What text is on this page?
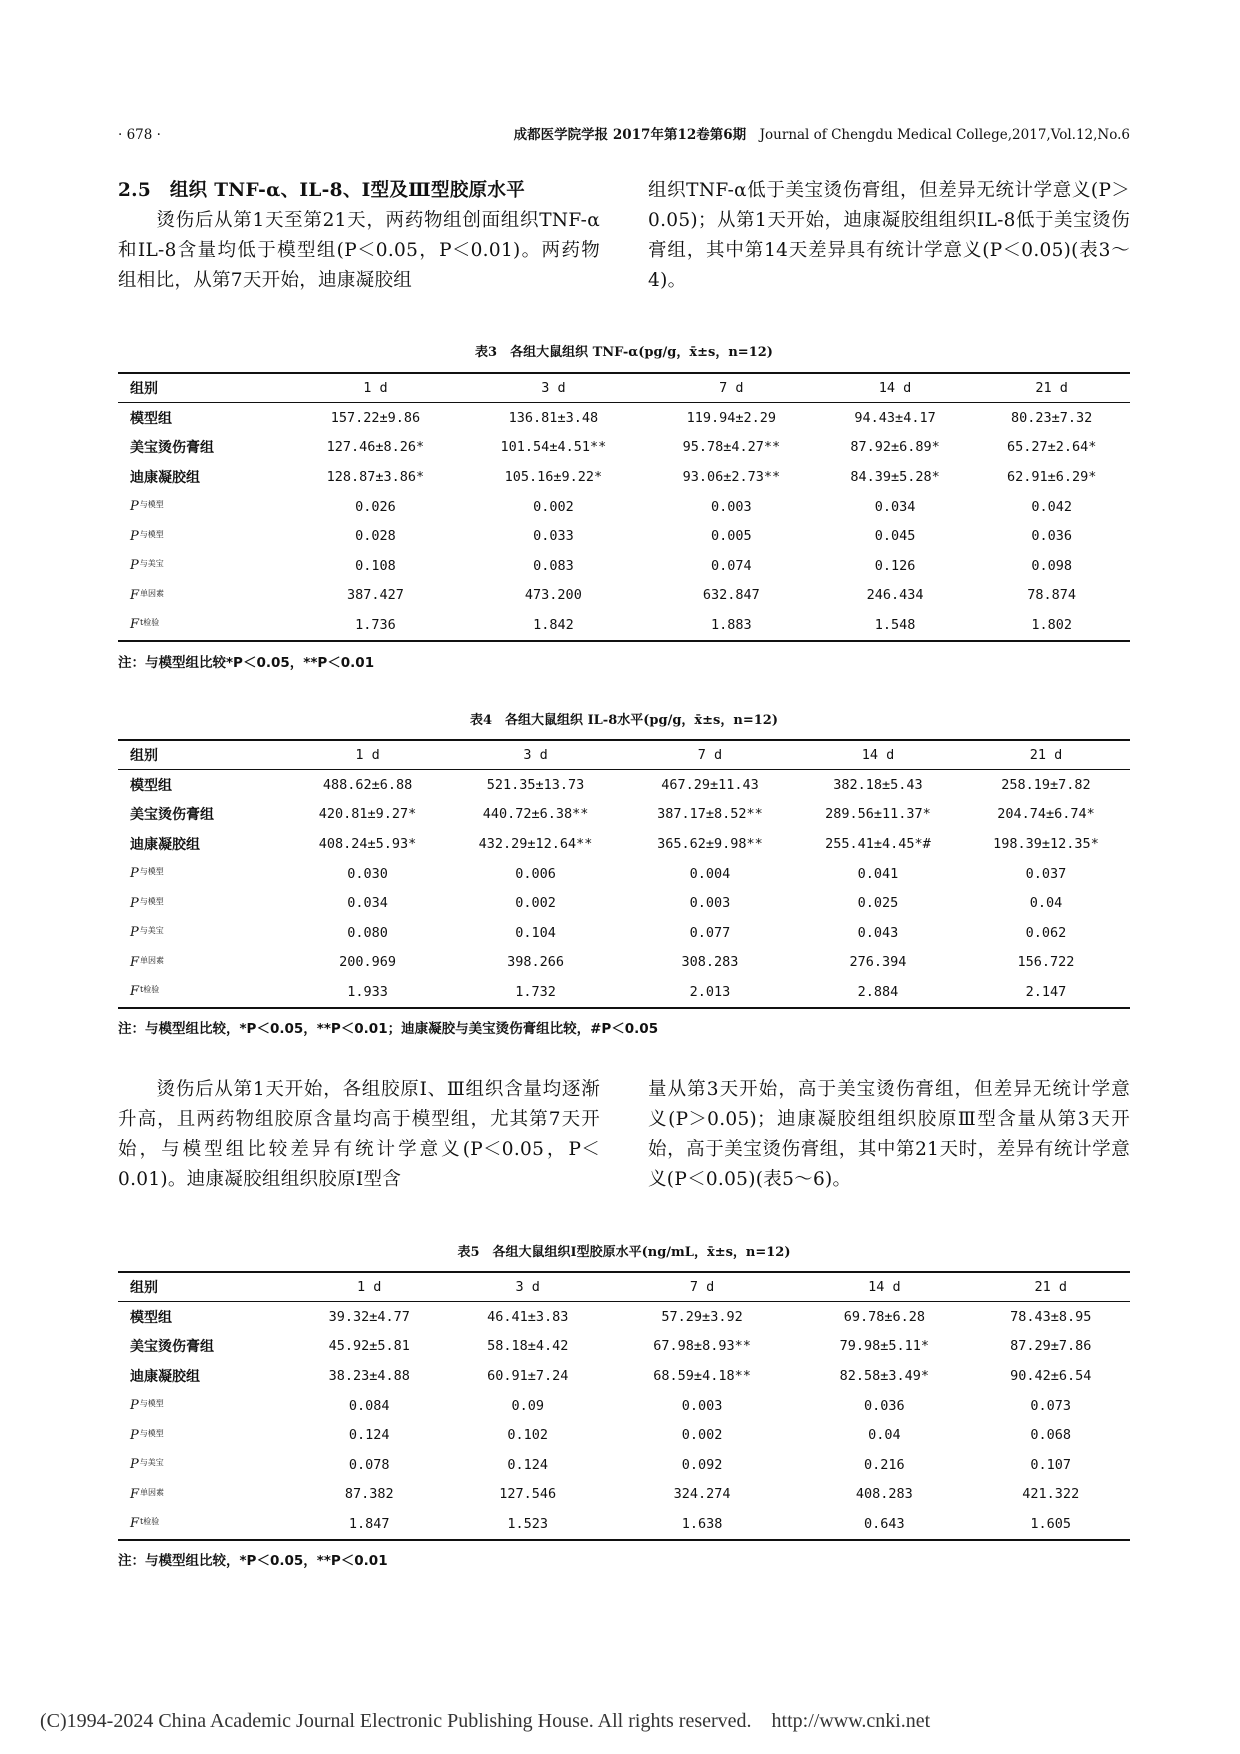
· 678 ·	成都医学院学报 2017年第12卷第6期　 Journal of Chengdu Medical College,2017,Vol.12,No.6
2.5　组织 TNF-α、IL-8、Ⅰ型及Ⅲ型胶原水平
烫伤后从第1天至第21天，两药物组创面组织TNF-α和IL-8含量均低于模型组(P＜0.05，P＜0.01)。两药物组相比，从第7天开始，迪康凝胶组
组织TNF-α低于美宝烫伤膏组，但差异无统计学意义(P＞0.05)；从第1天开始，迪康凝胶组组织IL-8低于美宝烫伤膏组，其中第14天差异具有统计学意义(P＜0.05)(表3～4)。
表3　各组大鼠组织 TNF-α(pg/g，x̄±s，n=12)
组别	1 d	3 d	7 d	14 d	21 d
模型组	157.22±9.86	136.81±3.48	119.94±2.29	94.43±4.17	80.23±7.32
美宝烫伤膏组	127.46±8.26*	101.54±4.51**	95.78±4.27**	87.92±6.89*	65.27±2.64*
迪康凝胶组	128.87±3.86*	105.16±9.22*	93.06±2.73**	84.39±5.28*	62.91±6.29*
$P_{与模型}$	0.026	0.002	0.003	0.034	0.042
$P_{与模型}$	0.028	0.033	0.005	0.045	0.036
$P_{与美宝}$	0.108	0.083	0.074	0.126	0.098
$F_{单因素}$	387.427	473.200	632.847	246.434	78.874
$F_{t检验}$	1.736	1.842	1.883	1.548	1.802
注：与模型组比较*P＜0.05，**P＜0.01
表4　各组大鼠组织 IL-8水平(pg/g，x̄±s，n=12)
组别	1 d	3 d	7 d	14 d	21 d
模型组	488.62±6.88	521.35±13.73	467.29±11.43	382.18±5.43	258.19±7.82
美宝烫伤膏组	420.81±9.27*	440.72±6.38**	387.17±8.52**	289.56±11.37*	204.74±6.74*
迪康凝胶组	408.24±5.93*	432.29±12.64**	365.62±9.98**	255.41±4.45*#	198.39±12.35*
$P_{与模型}$	0.030	0.006	0.004	0.041	0.037
$P_{与模型}$	0.034	0.002	0.003	0.025	0.04
$P_{与美宝}$	0.080	0.104	0.077	0.043	0.062
$F_{单因素}$	200.969	398.266	308.283	276.394	156.722
$F_{t检验}$	1.933	1.732	2.013	2.884	2.147
注：与模型组比较，*P＜0.05，**P＜0.01；迪康凝胶与美宝烫伤膏组比较，#P＜0.05
烫伤后从第1天开始，各组胶原Ⅰ、Ⅲ组织含量均逐渐升高，且两药物组胶原含量均高于模型组，尤其第7天开始，与模型组比较差异有统计学意义(P＜0.05，P＜0.01)。迪康凝胶组组织胶原Ⅰ型含
量从第3天开始，高于美宝烫伤膏组，但差异无统计学意义(P＞0.05)；迪康凝胶组组织胶原Ⅲ型含量从第3天开始，高于美宝烫伤膏组，其中第21天时，差异有统计学意义(P＜0.05)(表5～6)。
表5　各组大鼠组织Ⅰ型胶原水平(ng/mL，x̄±s，n=12)
组别	1 d	3 d	7 d	14 d	21 d
模型组	39.32±4.77	46.41±3.83	57.29±3.92	69.78±6.28	78.43±8.95
美宝烫伤膏组	45.92±5.81	58.18±4.42	67.98±8.93**	79.98±5.11*	87.29±7.86
迪康凝胶组	38.23±4.88	60.91±7.24	68.59±4.18**	82.58±3.49*	90.42±6.54
$P_{与模型}$	0.084	0.09	0.003	0.036	0.073
$P_{与模型}$	0.124	0.102	0.002	0.04	0.068
$P_{与美宝}$	0.078	0.124	0.092	0.216	0.107
$F_{单因素}$	87.382	127.546	324.274	408.283	421.322
$F_{t检验}$	1.847	1.523	1.638	0.643	1.605
注：与模型组比较，*P＜0.05，**P＜0.01
(C)1994-2024 China Academic Journal Electronic Publishing House. All rights reserved.　http://www.cnki.net
